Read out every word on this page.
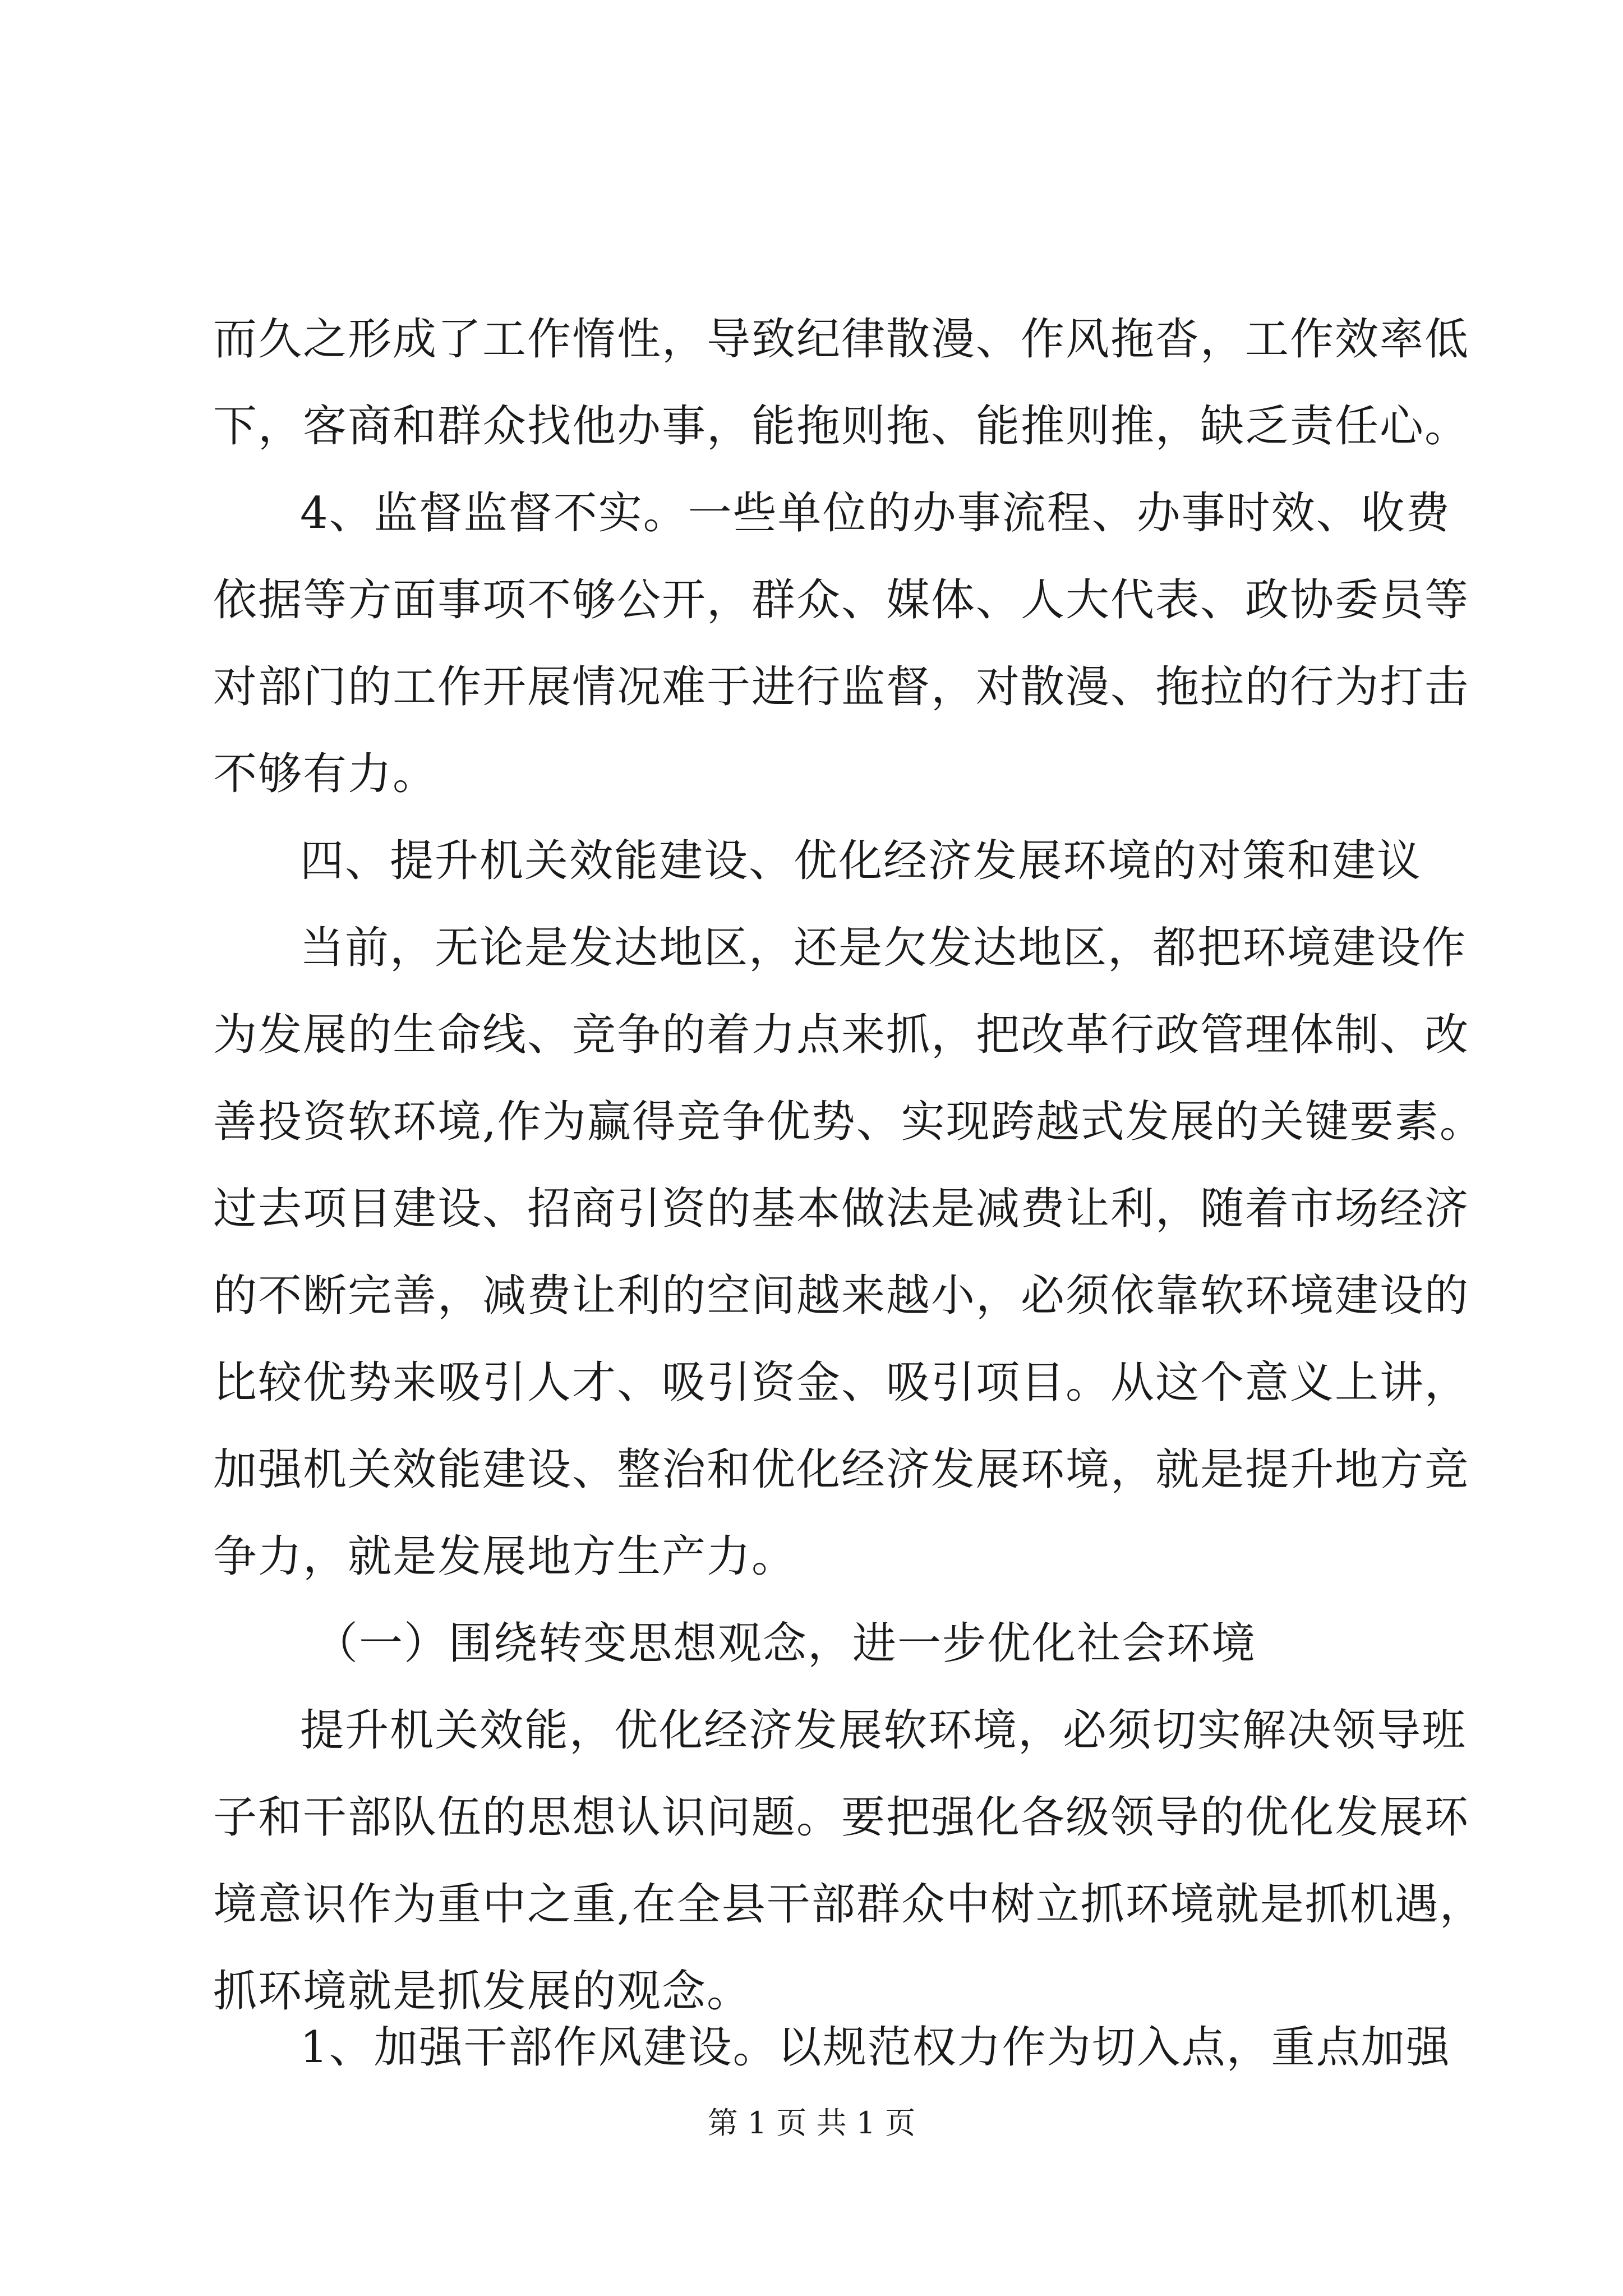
而久之形成了工作惰性，导致纪律散漫、作风拖沓，工作效率低
下，客商和群众找他办事，能拖则拖、能推则推，缺乏责任心。
4、监督监督不实。一些单位的办事流程、办事时效、收费
依据等方面事项不够公开，群众、媒体、人大代表、政协委员等
对部门的工作开展情况难于进行监督，对散漫、拖拉的行为打击
不够有力。
四、提升机关效能建设、优化经济发展环境的对策和建议
当前，无论是发达地区，还是欠发达地区，都把环境建设作
为发展的生命线、竞争的着力点来抓，把改革行政管理体制、改
善投资软环境,作为赢得竞争优势、实现跨越式发展的关键要素。
过去项目建设、招商引资的基本做法是减费让利，随着市场经济
的不断完善，减费让利的空间越来越小，必须依靠软环境建设的
比较优势来吸引人才、吸引资金、吸引项目。从这个意义上讲，
加强机关效能建设、整治和优化经济发展环境，就是提升地方竞
争力，就是发展地方生产力。
（一）围绕转变思想观念，进一步优化社会环境
提升机关效能，优化经济发展软环境，必须切实解决领导班
子和干部队伍的思想认识问题。要把强化各级领导的优化发展环
境意识作为重中之重,在全县干部群众中树立抓环境就是抓机遇，
抓环境就是抓发展的观念。
1、加强干部作风建设。以规范权力作为切入点，重点加强
第 1 页 共 1 页
